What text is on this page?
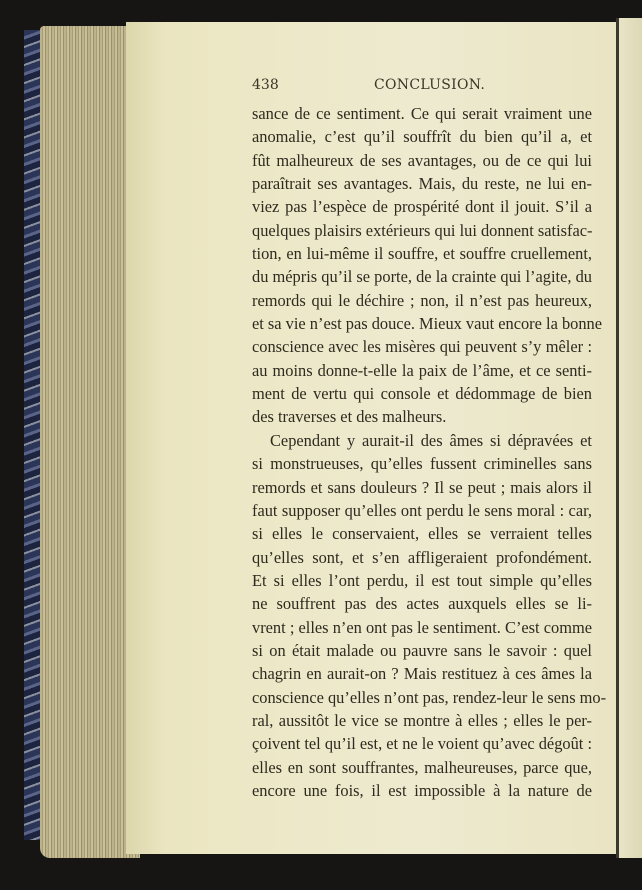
438	CONCLUSION.
sance de ce sentiment. Ce qui serait vraiment une
anomalie, c’est qu’il souffrît du bien qu’il a, et
fût malheureux de ses avantages, ou de ce qui lui
paraîtrait ses avantages. Mais, du reste, ne lui en-
viez pas l’espèce de prospérité dont il jouit. S’il a
quelques plaisirs extérieurs qui lui donnent satisfac-
tion, en lui-même il souffre, et souffre cruellement,
du mépris qu’il se porte, de la crainte qui l’agite, du
remords qui le déchire ; non, il n’est pas heureux,
et sa vie n’est pas douce. Mieux vaut encore la bonne
conscience avec les misères qui peuvent s’y mêler :
au moins donne-t-elle la paix de l’âme, et ce senti-
ment de vertu qui console et dédommage de bien
des traverses et des malheurs.
Cependant y aurait-il des âmes si dépravées et
si monstrueuses, qu’elles fussent criminelles sans
remords et sans douleurs ? Il se peut ; mais alors il
faut supposer qu’elles ont perdu le sens moral : car,
si elles le conservaient, elles se verraient telles
qu’elles sont, et s’en affligeraient profondément.
Et si elles l’ont perdu, il est tout simple qu’elles
ne souffrent pas des actes auxquels elles se li-
vrent ; elles n’en ont pas le sentiment. C’est comme
si on était malade ou pauvre sans le savoir : quel
chagrin en aurait-on ? Mais restituez à ces âmes la
conscience qu’elles n’ont pas, rendez-leur le sens mo-
ral, aussitôt le vice se montre à elles ; elles le per-
çoivent tel qu’il est, et ne le voient qu’avec dégoût :
elles en sont souffrantes, malheureuses, parce que,
encore une fois, il est impossible à la nature de
